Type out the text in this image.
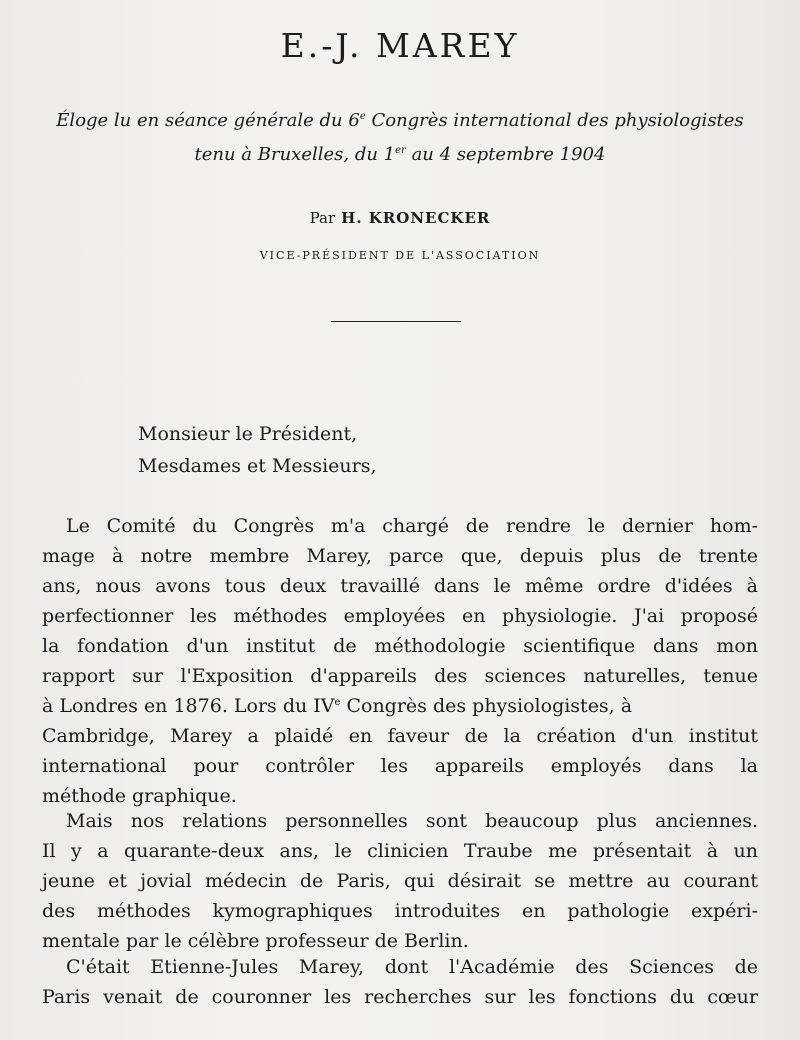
E.-J. MAREY
Éloge lu en séance générale du 6e Congrès international des physiologistes
tenu à Bruxelles, du 1er au 4 septembre 1904
Par H. KRONECKER
VICE-PRÉSIDENT DE L'ASSOCIATION
Monsieur le Président,
Mesdames et Messieurs,
Le Comité du Congrès m'a chargé de rendre le dernier hom-
mage à notre membre Marey, parce que, depuis plus de trente
ans, nous avons tous deux travaillé dans le même ordre d'idées à
perfectionner les méthodes employées en physiologie. J'ai proposé
la fondation d'un institut de méthodologie scientifique dans mon
rapport sur l'Exposition d'appareils des sciences naturelles, tenue
à Londres en 1876. Lors du IVe Congrès des physiologistes, à
Cambridge, Marey a plaidé en faveur de la création d'un institut
international pour contrôler les appareils employés dans la
méthode graphique.
Mais nos relations personnelles sont beaucoup plus anciennes.
Il y a quarante-deux ans, le clinicien Traube me présentait à un
jeune et jovial médecin de Paris, qui désirait se mettre au courant
des méthodes kymographiques introduites en pathologie expéri-
mentale par le célèbre professeur de Berlin.
C'était Etienne-Jules Marey, dont l'Académie des Sciences de
Paris venait de couronner les recherches sur les fonctions du cœur
